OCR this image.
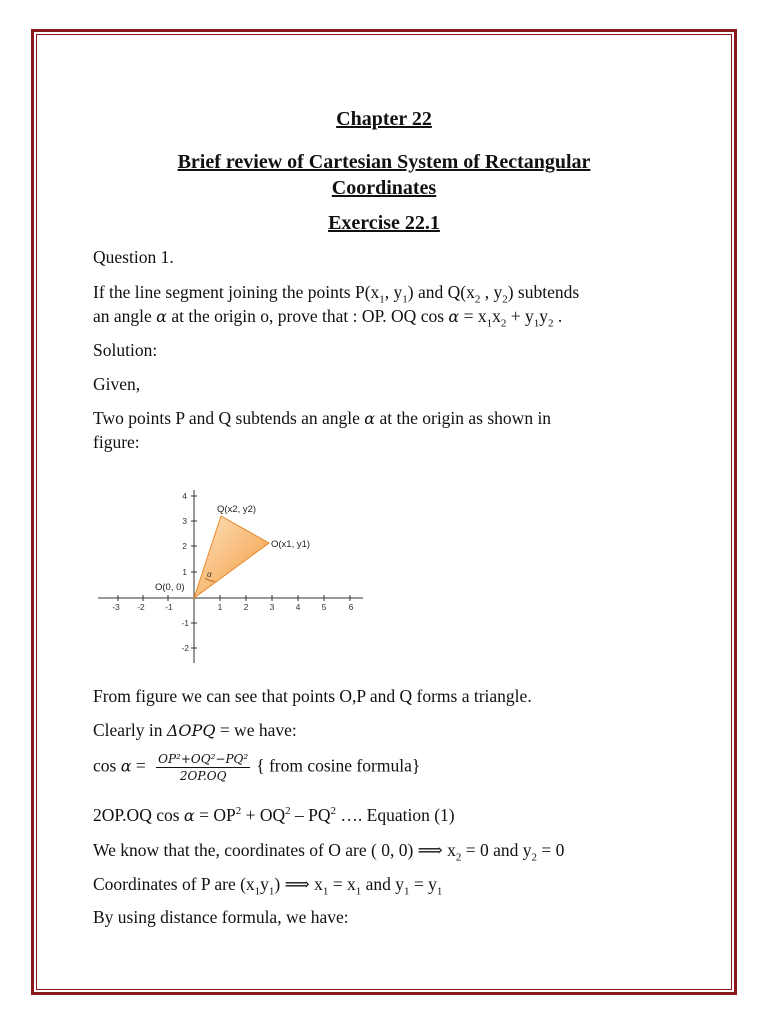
Chapter 22
Brief review of Cartesian System of Rectangular
Coordinates
Exercise 22.1
Question 1.
If the line segment joining the points $P(x_1$, $y_1$) and $Q(x_2$ , $y_2$) subtends
an angle α at the origin o, prove that : OP. OQ $\cos \alpha = x_1x_2 + y_1y_2$ .
Solution:
Given,
Two points P and Q subtends an angle α at the origin as shown in
figure:
-3 -2 -1	1	2	3	4	5	6
4
3
2
1
-1
-2
Q(x2, y2)
O(x1, y1)
O(0, 0)
α
From figure we can see that points O,P and Q forms a triangle.
Clearly in ΔOPQ = we have:
$\cos \alpha = \frac{\text{OP²+OQ²−PQ²}}{2OP.OQ}$ { from cosine formula}
2OP.OQ $\cos \alpha = OP^2 + OQ^2 - PQ^2$ …. Equation (1)
We know that the, coordinates of O are ( 0, 0) ⟹ $x_2 = 0$ and $y_2 = 0$
Coordinates of P are $(x_1y_1)$ ⟹ $x_1 = x_1$ and $y_1 = y_1$
By using distance formula, we have:
